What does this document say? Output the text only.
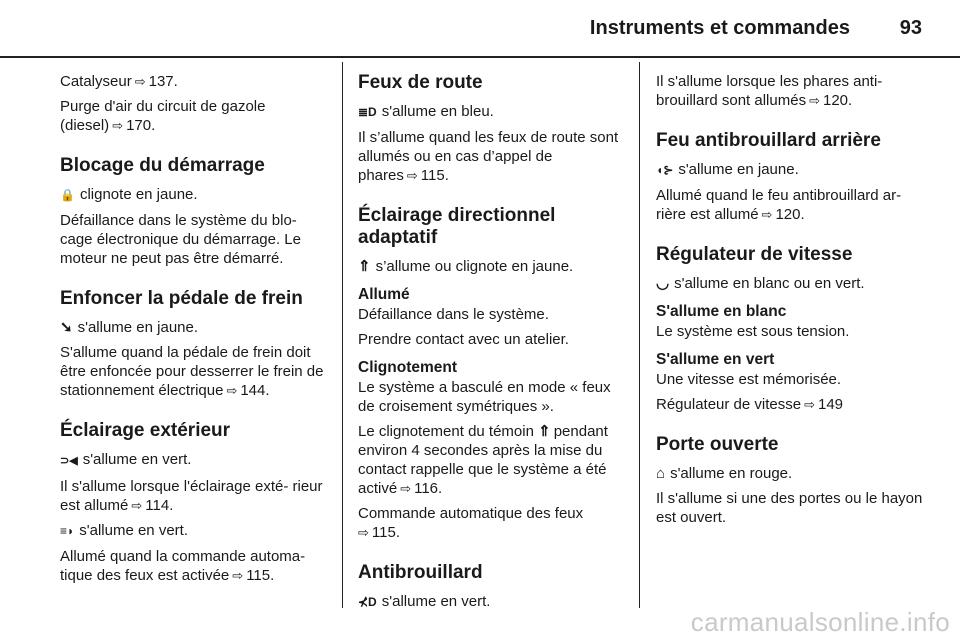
Instruments et commandes 93

Catalyseur ⇨ 137.

Purge d'air du circuit de gazole (diesel) ⇨ 170.

Blocage du démarrage

🔒 clignote en jaune.

Défaillance dans le système du blo- cage électronique du démarrage. Le moteur ne peut pas être démarré.

Enfoncer la pédale de frein

➘ s'allume en jaune.

S'allume quand la pédale de frein doit être enfoncée pour desserrer le frein de stationnement électrique ⇨ 144.

Éclairage extérieur

⊃◀ s'allume en vert.

Il s'allume lorsque l'éclairage exté- rieur est allumé ⇨ 114.

≡◗ s'allume en vert.

Allumé quand la commande automa- tique des feux est activée ⇨ 115.

Feux de route

≣D s'allume en bleu.

Il s’allume quand les feux de route sont allumés ou en cas d’appel de phares ⇨ 115.

Éclairage directionnel adaptatif

⇑ s’allume ou clignote en jaune.

Allumé

Défaillance dans le système.

Prendre contact avec un atelier.

Clignotement

Le système a basculé en mode « feux de croisement symétriques ».

Le clignotement du témoin ⇑ pendant environ 4 secondes après la mise du contact rappelle que le système a été activé ⇨ 116.

Commande automatique des feux
⇨ 115.

Antibrouillard

⊀D s'allume en vert.

Il s'allume lorsque les phares anti- brouillard sont allumés ⇨ 120.

Feu antibrouillard arrière

◖⊱ s'allume en jaune.

Allumé quand le feu antibrouillard ar- rière est allumé ⇨ 120.

Régulateur de vitesse

◡ s'allume en blanc ou en vert.

S'allume en blanc

Le système est sous tension.

S'allume en vert

Une vitesse est mémorisée.

Régulateur de vitesse ⇨ 149

Porte ouverte

⌂ s'allume en rouge.

Il s'allume si une des portes ou le hayon est ouvert.

carmanualsonline.info
